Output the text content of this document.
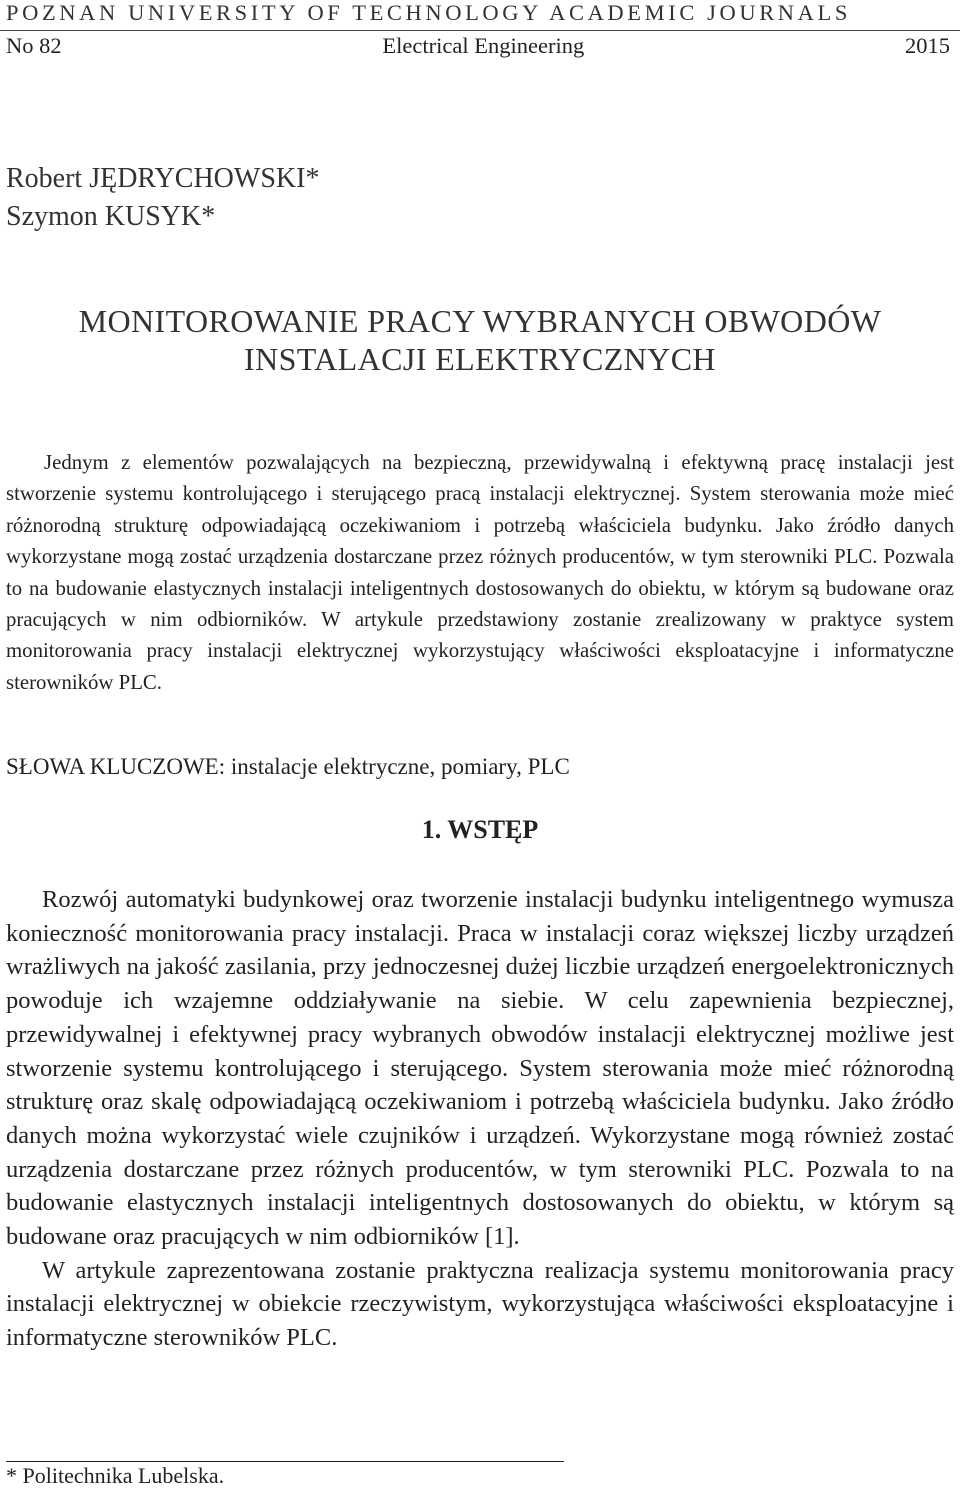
POZNAN UNIVERSITY OF TECHNOLOGY ACADEMIC JOURNALS
No 82	Electrical Engineering	2015
Robert JĘDRYCHOWSKI*
Szymon KUSYK*
MONITOROWANIE PRACY WYBRANYCH OBWODÓW
INSTALACJI ELEKTRYCZNYCH
Jednym z elementów pozwalających na bezpieczną, przewidywalną i efektywną pracę instalacji jest stworzenie systemu kontrolującego i sterującego pracą instalacji elektrycznej. System sterowania może mieć różnorodną strukturę odpowiadającą oczekiwaniom i potrzebą właściciela budynku. Jako źródło danych wykorzystane mogą zostać urządzenia dostarczane przez różnych producentów, w tym sterowniki PLC. Pozwala to na budowanie elastycznych instalacji inteligentnych dostosowanych do obiektu, w którym są budowane oraz pracujących w nim odbiorników. W artykule przedstawiony zostanie zrealizowany w praktyce system monitorowania pracy instalacji elektrycznej wykorzystujący właściwości eksploatacyjne i informatyczne sterowników PLC.
SŁOWA KLUCZOWE: instalacje elektryczne, pomiary, PLC
1. WSTĘP

Rozwój automatyki budynkowej oraz tworzenie instalacji budynku inteligentnego wymusza konieczność monitorowania pracy instalacji. Praca w instalacji coraz większej liczby urządzeń wrażliwych na jakość zasilania, przy jednoczesnej dużej liczbie urządzeń energoelektronicznych powoduje ich wzajemne oddziaływanie na siebie. W celu zapewnienia bezpiecznej, przewidywalnej i efektywnej pracy wybranych obwodów instalacji elektrycznej możliwe jest stworzenie systemu kontrolującego i sterującego. System sterowania może mieć różnorodną strukturę oraz skalę odpowiadającą oczekiwaniom i potrzebą właściciela budynku. Jako źródło danych można wykorzystać wiele czujników i urządzeń. Wykorzystane mogą również zostać urządzenia dostarczane przez różnych producentów, w tym sterowniki PLC. Pozwala to na budowanie elastycznych instalacji inteligentnych dostosowanych do obiektu, w którym są budowane oraz pracujących w nim odbiorników [1].

W artykule zaprezentowana zostanie praktyczna realizacja systemu monitorowania pracy instalacji elektrycznej w obiekcie rzeczywistym, wykorzystująca właściwości eksploatacyjne i informatyczne sterowników PLC.

* Politechnika Lubelska.
